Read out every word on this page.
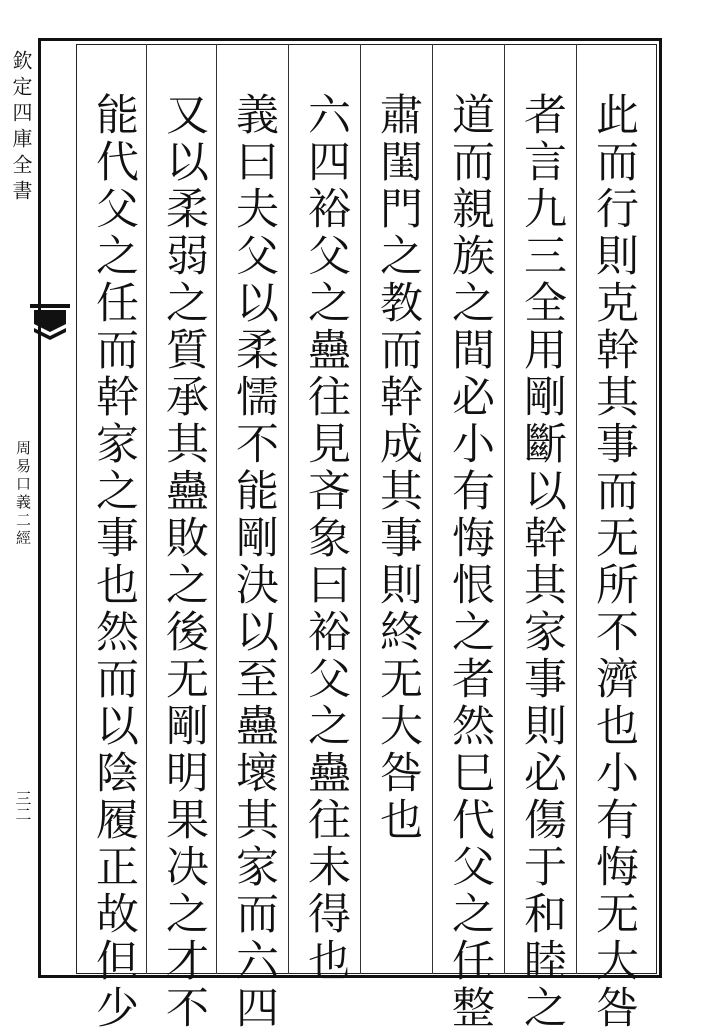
欽定四庫全書
周易口義二經
三二	此而行則克幹其事而无所不濟也小有悔无大咎
者言九三全用剛斷以幹其家事則必傷于和睦之
道而親族之間必小有悔恨之者然巳代父之任整
肅閨門之教而幹成其事則終无大咎也
六四裕父之蠱往見吝象曰裕父之蠱往未得也
義曰夫父以柔懦不能剛決以至蠱壞其家而六四
又以柔弱之質承其蠱敗之後无剛明果决之才不
能代父之任而幹家之事也然而以陰履正故但少
